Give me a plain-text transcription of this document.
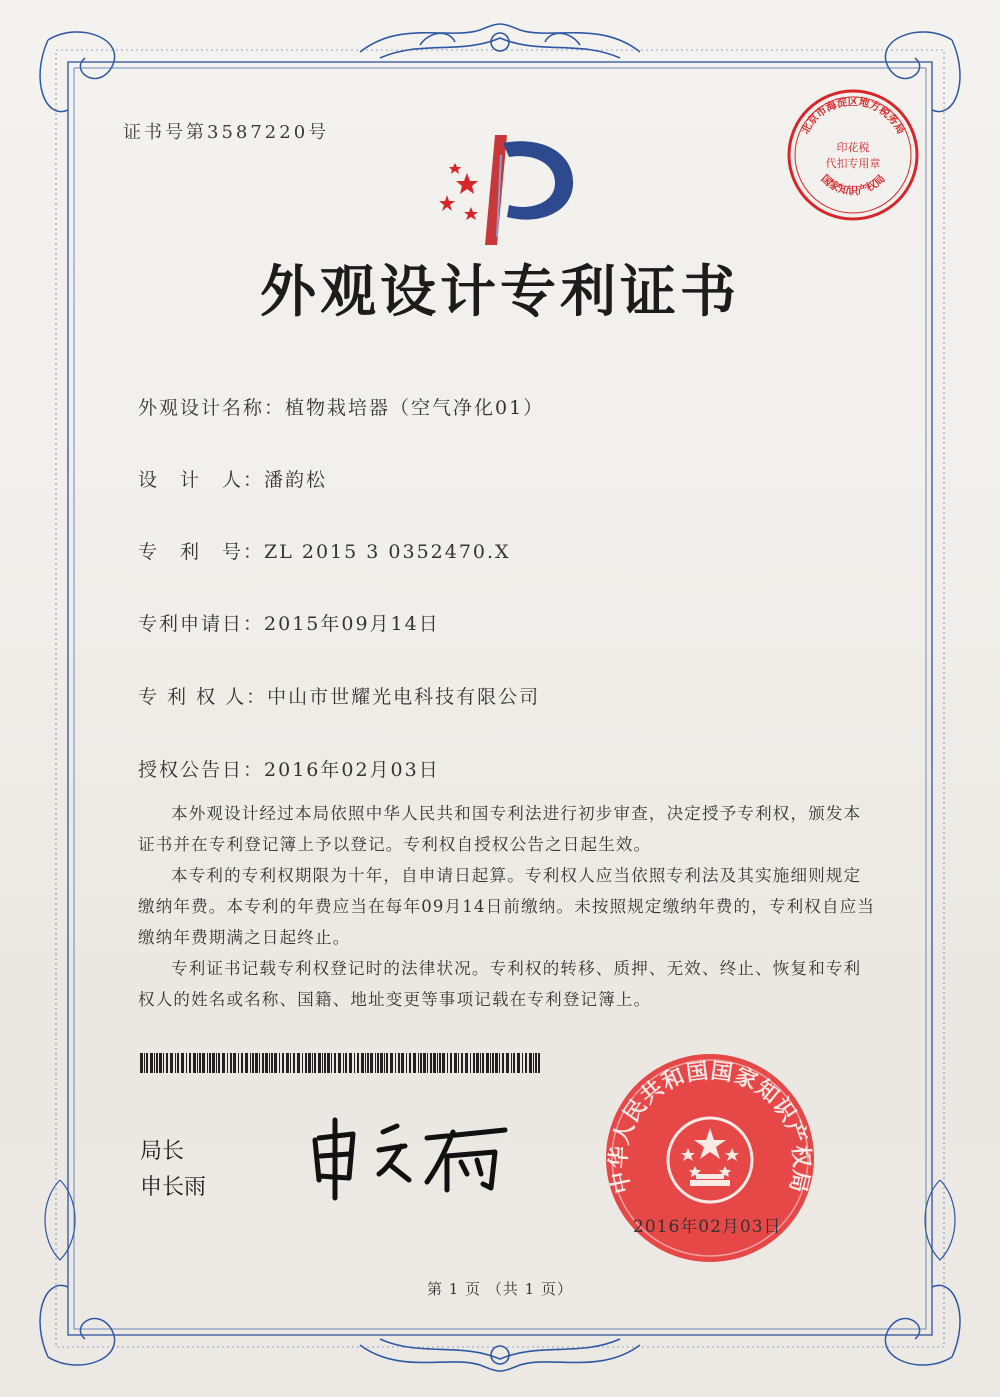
证书号第3587220号	北京市海淀区地方税务局
国家知识产权局
印花税
代扣专用章
外观设计专利证书
外观设计名称：植物栽培器（空气净化01）
设　计　人：潘韵松
专　利　号：ZL 2015 3 0352470.X
专利申请日：2015年09月14日
专 利 权 人：中山市世耀光电科技有限公司
授权公告日：2016年02月03日

本外观设计经过本局依照中华人民共和国专利法进行初步审查，决定授予专利权，颁发本证书并在专利登记簿上予以登记。专利权自授权公告之日起生效。

本专利的专利权期限为十年，自申请日起算。专利权人应当依照专利法及其实施细则规定缴纳年费。本专利的年费应当在每年09月14日前缴纳。未按照规定缴纳年费的，专利权自应当缴纳年费期满之日起终止。

专利证书记载专利权登记时的法律状况。专利权的转移、质押、无效、终止、恢复和专利权人的姓名或名称、国籍、地址变更等事项记载在专利登记簿上。

局长
申长雨	中华人民共和国国家知识产权局
2016年02月03日
第 1 页 （共 1 页）
